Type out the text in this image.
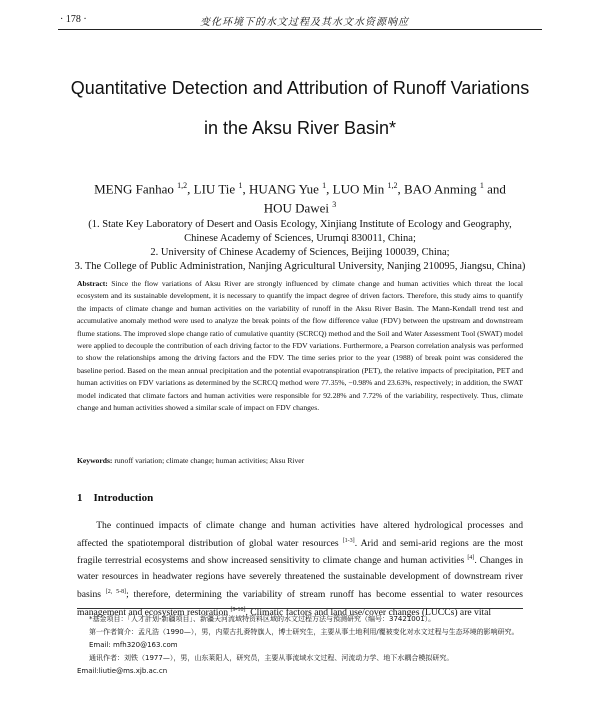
· 178 ·	变化环境下的水文过程及其水文水资源响应
Quantitative Detection and Attribution of Runoff Variations
in the Aksu River Basin*
MENG Fanhao $^{1,2}$, LIU Tie $^1$, HUANG Yue $^1$, LUO Min $^{1,2}$, BAO Anming $^1$ and
HOU Dawei $^3$
(1. State Key Laboratory of Desert and Oasis Ecology, Xinjiang Institute of Ecology and Geography,
Chinese Academy of Sciences, Urumqi 830011, China;
2. University of Chinese Academy of Sciences, Beijing 100039, China;
3. The College of Public Administration, Nanjing Agricultural University, Nanjing 210095, Jiangsu, China)
Abstract: Since the flow variations of Aksu River are strongly influenced by climate change and human activities which threat the local ecosystem and its sustainable development, it is necessary to quantify the impact degree of driven factors. Therefore, this study aims to quantify the impacts of climate change and human activities on the variability of runoff in the Aksu River Basin. The Mann-Kendall trend test and accumulative anomaly method were used to analyze the break points of the flow difference value (FDV) between the upstream and downstream flume stations. The improved slope change ratio of cumulative quantity (SCRCQ) method and the Soil and Water Assessment Tool (SWAT) model were applied to decouple the contribution of each driving factor to the FDV variations. Furthermore, a Pearson correlation analysis was performed to show the relationships among the driving factors and the FDV. The time series prior to the year (1988) of break point was considered the baseline period. Based on the mean annual precipitation and the potential evapotranspiration (PET), the relative impacts of precipitation, PET and human activities on FDV variations as determined by the SCRCQ method were 77.35%, −0.98% and 23.63%, respectively; in addition, the SWAT model indicated that climate factors and human activities were responsible for 92.28% and 7.72% of the variability, respectively. Thus, climate change and human activities showed a similar scale of impact on FDV changes.
Keywords: runoff variation; climate change; human activities; Aksu River
1 Introduction
The continued impacts of climate change and human activities have altered hydrological processes and affected the spatiotemporal distribution of global water resources [1-3]. Arid and semi-arid regions are the most fragile terrestrial ecosystems and show increased sensitivity to climate change and human activities [4]. Changes in water resources in headwater regions have severely threatened the sustainable development of downstream river basins [2, 5-8]; therefore, determining the variability of stream runoff has become essential to water resources management and ecosystem restoration [9-10]. Climatic factors and land use/cover changes (LUCCs) are vital

*基金项目：「人才計划-新疆项目」、新疆天河流域特资料区域的水文过程方法与預测研究（编号：37421001）。

第一作者简介：孟凡浩（1990—），男，内蒙古扎赉特旗人，博士研究生，主要从事土地利用/覆被变化对水文过程与生态环境的影响研究。Email: mfh320@163.com

通讯作者：刘铁（1977—），男，山东莱阳人，研究员，主要从事流域水文过程、河流动力学、地下水耦合模拟研究。

Email:liutie@ms.xjb.ac.cn
